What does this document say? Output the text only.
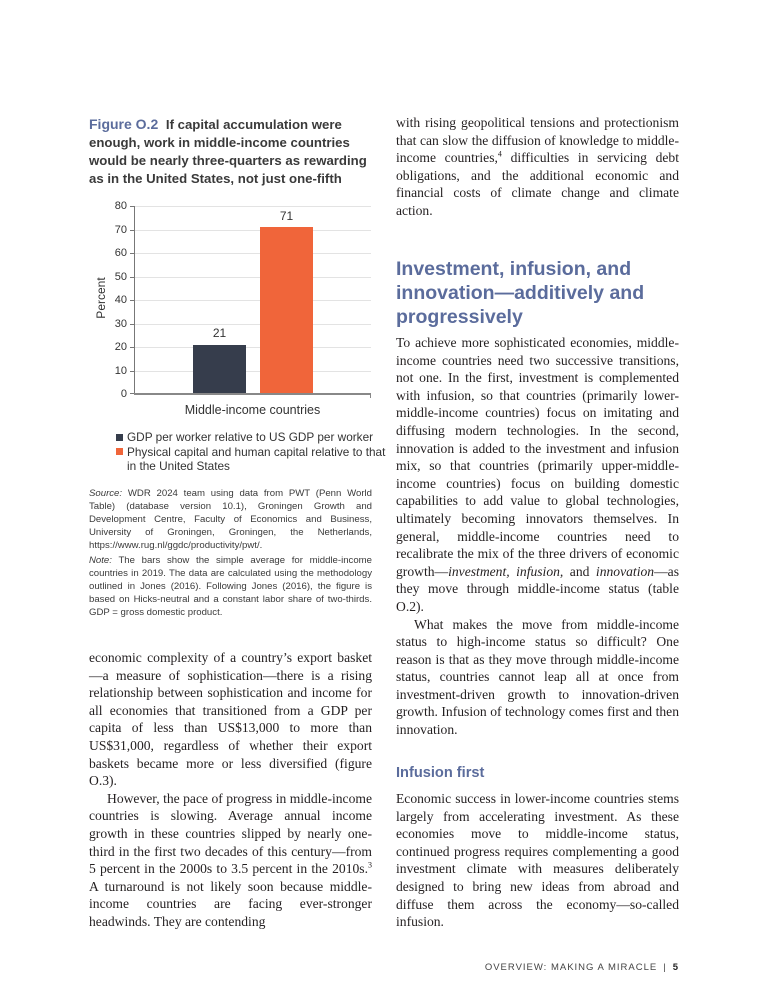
Figure O.2 If capital accumulation were enough, work in middle-income countries would be nearly three-quarters as rewarding as in the United States, not just one-fifth
Percent
80
70
60
50
40
30
20
10
0
21
71
Middle-income countries
GDP per worker relative to US GDP per worker
Physical capital and human capital relative to that in the United States

Source: WDR 2024 team using data from PWT (Penn World Table) (database version 10.1), Groningen Growth and Development Centre, Faculty of Economics and Business, University of Groningen, Groningen, the Netherlands, https://www.rug.nl/ggdc/productivity/pwt/.

Note: The bars show the simple average for middle-income countries in 2019. The data are calculated using the methodology outlined in Jones (2016). Following Jones (2016), the figure is based on Hicks-neutral and a constant labor share of two-thirds. GDP = gross domestic product.

economic complexity of a country’s export basket—a measure of sophistication—there is a rising relationship between sophistication and income for all economies that transitioned from a GDP per capita of less than US$13,000 to more than US$31,000, regardless of whether their export baskets became more or less diversified (figure O.3).

However, the pace of progress in middle-income countries is slowing. Average annual income growth in these countries slipped by nearly one-third in the first two decades of this century—from 5 percent in the 2000s to 3.5 percent in the 2010s.$^3$ A turnaround is not likely soon because middle-income countries are facing ever-stronger headwinds. They are contending

with rising geopolitical tensions and protectionism that can slow the diffusion of knowledge to middle-income countries,$^4$ difficulties in servicing debt obligations, and the additional economic and financial costs of climate change and climate action.

Investment, infusion, and innovation—additively and progressively

To achieve more sophisticated economies, middle-income countries need two successive transitions, not one. In the first, investment is complemented with infusion, so that countries (primarily lower-middle-income countries) focus on imitating and diffusing modern technologies. In the second, innovation is added to the investment and infusion mix, so that countries (primarily upper-middle-income countries) focus on building domestic capabilities to add value to global technologies, ultimately becoming innovators themselves. In general, middle-income countries need to recalibrate the mix of the three drivers of economic growth—investment, infusion, and innovation—as they move through middle-income status (table O.2).

What makes the move from middle-income status to high-income status so difficult? One reason is that as they move through middle-income status, countries cannot leap all at once from investment-driven growth to innovation-driven growth. Infusion of technology comes first and then innovation.

Infusion first

Economic success in lower-income countries stems largely from accelerating investment. As these economies move to middle-income status, continued progress requires complementing a good investment climate with measures deliberately designed to bring new ideas from abroad and diffuse them across the economy—so-called infusion.

OVERVIEW: MAKING A MIRACLE | 5
